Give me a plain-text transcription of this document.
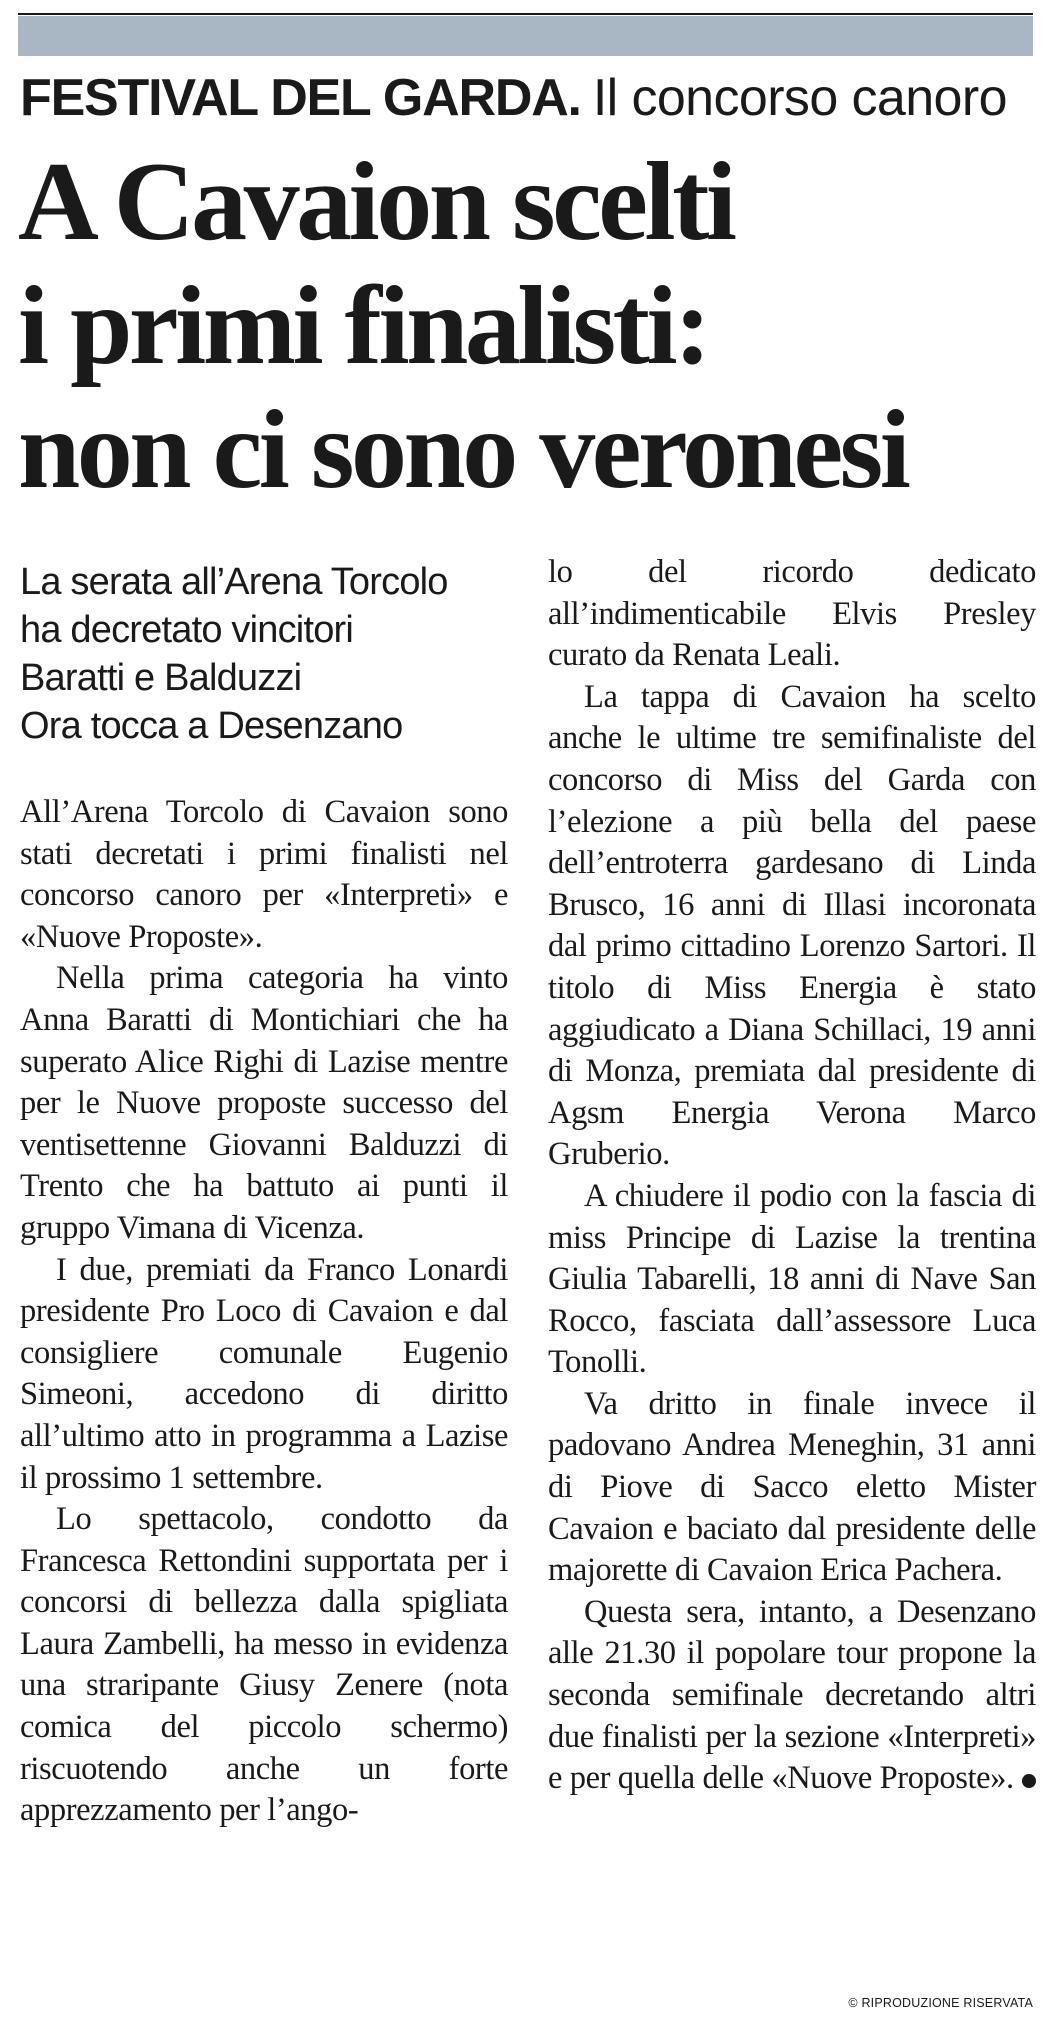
FESTIVAL DEL GARDA. Il concorso canoro
A Cavaion scelti
i primi finalisti:
non ci sono veronesi
La serata all’Arena Torcolo
ha decretato vincitori
Baratti e Balduzzi
Ora tocca a Desenzano

All’Arena Torcolo di Cavaion sono stati decretati i primi finalisti nel concorso canoro per «Interpreti» e «Nuove Proposte».

Nella prima categoria ha vinto Anna Baratti di Montichiari che ha superato Alice Righi di Lazise mentre per le Nuove proposte successo del ventisettenne Giovanni Balduzzi di Trento che ha battuto ai punti il gruppo Vimana di Vicenza.

I due, premiati da Franco Lonardi presidente Pro Loco di Cavaion e dal consigliere comunale Eugenio Simeoni, accedono di diritto all’ultimo atto in programma a Lazise il prossimo 1 settembre.

Lo spettacolo, condotto da Francesca Rettondini supportata per i concorsi di bellezza dalla spigliata Laura Zambelli, ha messo in evidenza una straripante Giusy Zenere (nota comica del piccolo schermo) riscuotendo anche un forte apprezzamento per l’ango-

lo del ricordo dedicato all’indimenticabile Elvis Presley curato da Renata Leali.

La tappa di Cavaion ha scelto anche le ultime tre semifinaliste del concorso di Miss del Garda con l’elezione a più bella del paese dell’entroterra gardesano di Linda Brusco, 16 anni di Illasi incoronata dal primo cittadino Lorenzo Sartori. Il titolo di Miss Energia è stato aggiudicato a Diana Schillaci, 19 anni di Monza, premiata dal presidente di Agsm Energia Verona Marco Gruberio.

A chiudere il podio con la fascia di miss Principe di Lazise la trentina Giulia Tabarelli, 18 anni di Nave San Rocco, fasciata dall’assessore Luca Tonolli.

Va dritto in finale invece il padovano Andrea Meneghin, 31 anni di Piove di Sacco eletto Mister Cavaion e baciato dal presidente delle majorette di Cavaion Erica Pachera.

Questa sera, intanto, a Desenzano alle 21.30 il popolare tour propone la seconda semifinale decretando altri due finalisti per la sezione «Interpreti» e per quella delle «Nuove Proposte».

© RIPRODUZIONE RISERVATA
